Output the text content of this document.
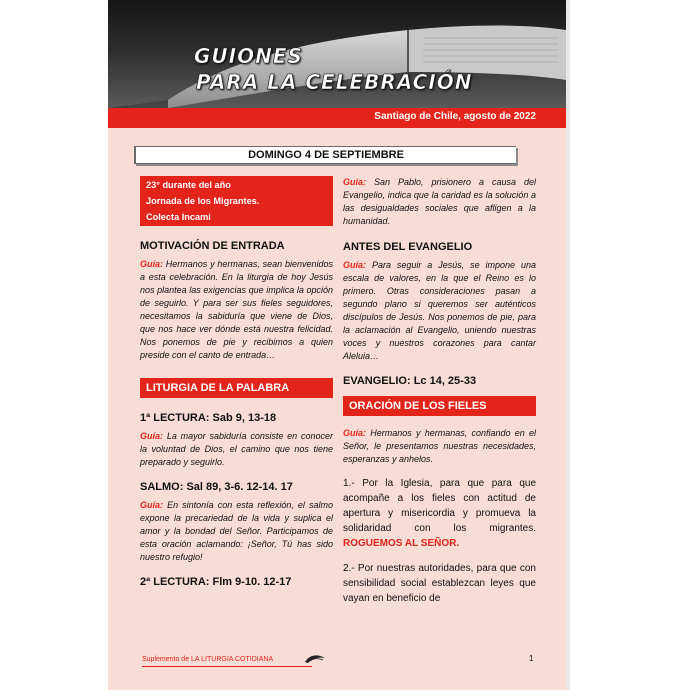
GUIONES
PARA LA CELEBRACIÓN
Santiago de Chile, agosto de 2022
DOMINGO 4 DE SEPTIEMBRE
23° durante del año
Jornada de los Migrantes.
Colecta Incami

MOTIVACIÓN DE ENTRADA

Guía: Hermanos y hermanas, sean bienvenidos a esta celebración. En la liturgia de hoy Jesús nos plantea las exigencias que implica la opción de seguirlo. Y para ser sus fieles seguidores, necesitamos la sabiduría que viene de Dios, que nos hace ver dónde está nuestra felicidad. Nos ponemos de pie y recibimos a quien preside con el canto de entrada…

LITURGIA DE LA PALABRA

1ª LECTURA: Sab 9, 13-18

Guía: La mayor sabiduría consiste en conocer la voluntad de Dios, el camino que nos tiene preparado y seguirlo.

SALMO: Sal 89, 3-6. 12-14. 17

Guía: En sintonía con esta reflexión, el salmo expone la precariedad de la vida y suplica el amor y la bondad del Señor. Participamos de esta oración aclamando: ¡Señor, Tú has sido nuestro refugio!

2ª LECTURA: Flm 9-10. 12-17

Guía: San Pablo, prisionero a causa del Evangelio, indica que la caridad es la solución a las desigualdades sociales que afligen a la humanidad.

ANTES DEL EVANGELIO

Guía: Para seguir a Jesús, se impone una escala de valores, en la que el Reino es lo primero. Otras consideraciones pasan a segundo plano si queremos ser auténticos discípulos de Jesús. Nos ponemos de pie, para la aclamación al Evangelio, uniendo nuestras voces y nuestros corazones para cantar Aleluia…

EVANGELIO: Lc 14, 25-33

ORACIÓN DE LOS FIELES

Guía: Hermanos y hermanas, confiando en el Señor, le presentamos nuestras necesidades, esperanzas y anhelos.

1.- Por la Iglesia, para que para que acompañe a los fieles con actitud de apertura y misericordia y promueva la solidaridad con los migrantes. ROGUEMOS AL SEÑOR.

2.- Por nuestras autoridades, para que con sensibilidad social establezcan leyes que vayan en beneficio de

Suplemento de LA LITURGIA COTIDIANA	1
